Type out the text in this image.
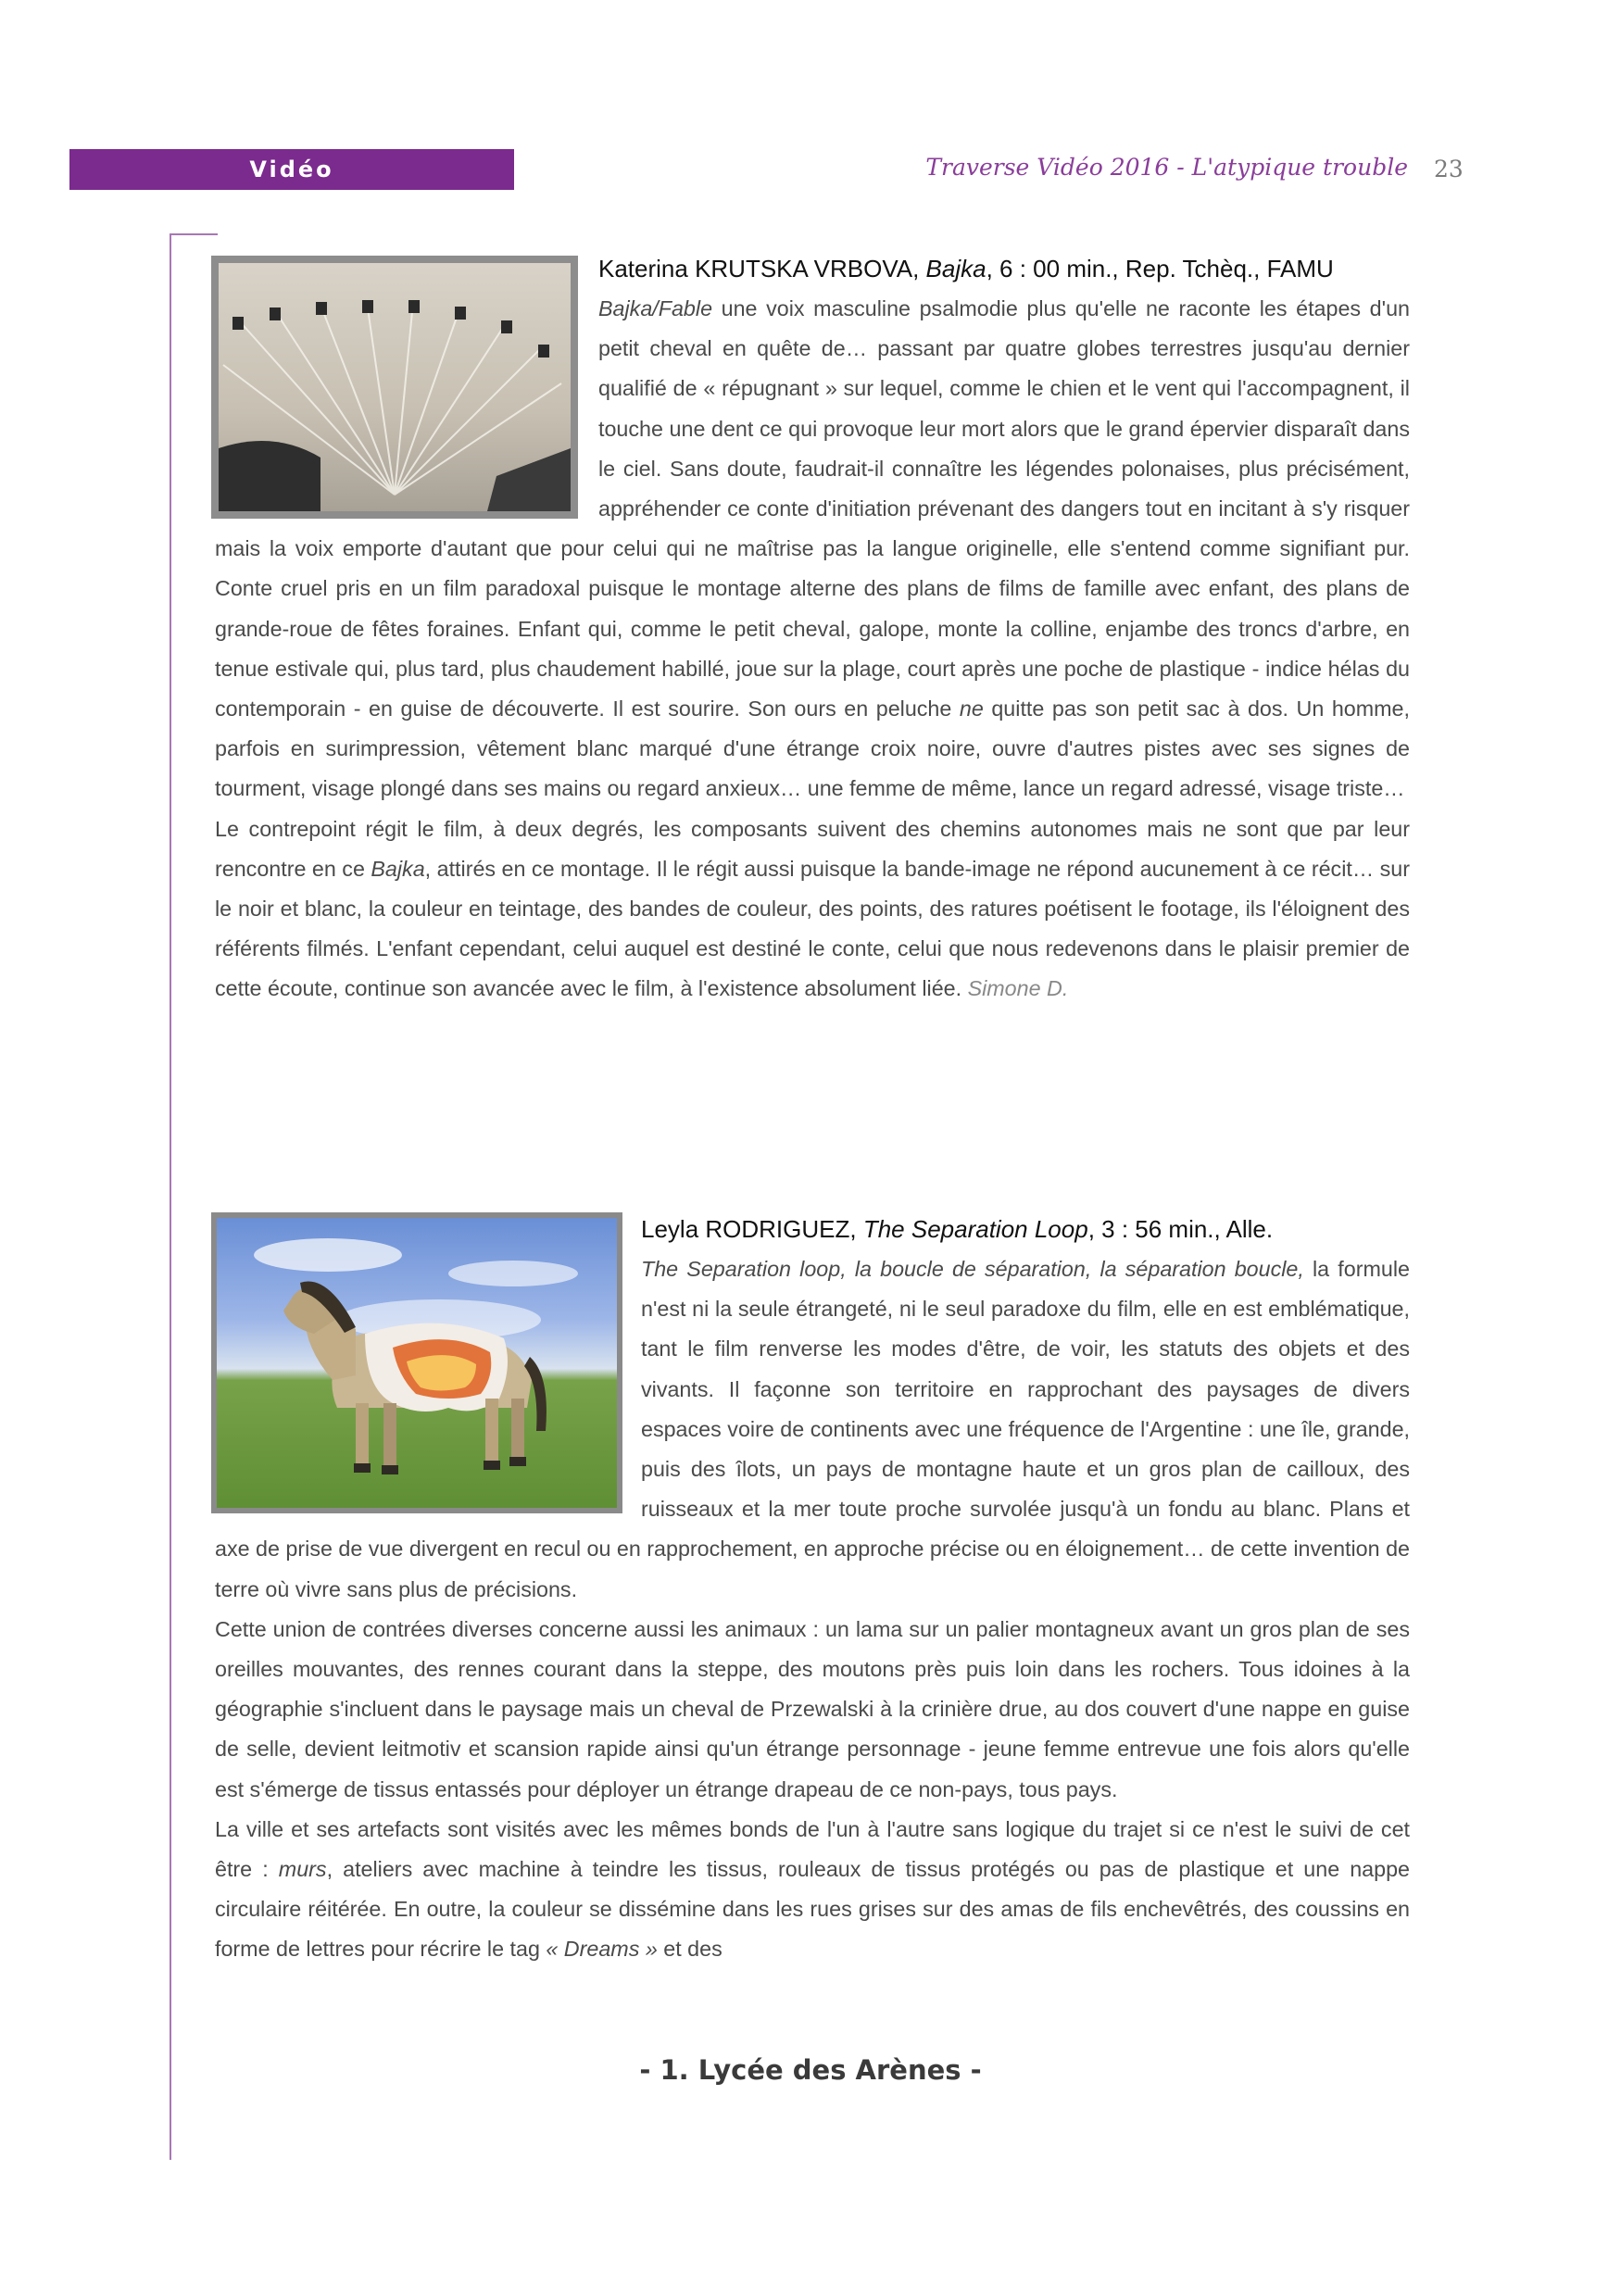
Vidéo	Traverse Vidéo 2016 - L'atypique trouble 23
Katerina KRUTSKA VRBOVA, Bajka, 6 : 00 min., Rep. Tchèq., FAMU

Bajka/Fable une voix masculine psalmodie plus qu'elle ne raconte les étapes d'un petit cheval en quête de… passant par quatre globes terrestres jusqu'au dernier qualifié de « répugnant » sur lequel, comme le chien et le vent qui l'accompagnent, il touche une dent ce qui provoque leur mort alors que le grand épervier disparaît dans le ciel. Sans doute, faudrait-il connaître les légendes polonaises, plus précisément, appréhender ce conte d'initiation prévenant des dangers tout en incitant à s'y risquer mais la voix emporte d'autant que pour celui qui ne maîtrise pas la langue originelle, elle s'entend comme signifiant pur. Conte cruel pris en un film paradoxal puisque le montage alterne des plans de films de famille avec enfant, des plans de grande-roue de fêtes foraines. Enfant qui, comme le petit cheval, galope, monte la colline, enjambe des troncs d'arbre, en tenue estivale qui, plus tard, plus chaudement habillé, joue sur la plage, court après une poche de plastique - indice hélas du contemporain - en guise de découverte. Il est sourire. Son ours en peluche ne quitte pas son petit sac à dos. Un homme, parfois en surimpression, vêtement blanc marqué d'une étrange croix noire, ouvre d'autres pistes avec ses signes de tourment, visage plongé dans ses mains ou regard anxieux… une femme de même, lance un regard adressé, visage triste…

Le contrepoint régit le film, à deux degrés, les composants suivent des chemins autonomes mais ne sont que par leur rencontre en ce Bajka, attirés en ce montage. Il le régit aussi puisque la bande-image ne répond aucunement à ce récit… sur le noir et blanc, la couleur en teintage, des bandes de couleur, des points, des ratures poétisent le footage, ils l'éloignent des référents filmés. L'enfant cependant, celui auquel est destiné le conte, celui que nous redevenons dans le plaisir premier de cette écoute, continue son avancée avec le film, à l'existence absolument liée. Simone D.

Leyla RODRIGUEZ, The Separation Loop, 3 : 56 min., Alle.

The Separation loop, la boucle de séparation, la séparation boucle, la formule n'est ni la seule étrangeté, ni le seul paradoxe du film, elle en est emblématique, tant le film renverse les modes d'être, de voir, les statuts des objets et des vivants. Il façonne son territoire en rapprochant des paysages de divers espaces voire de continents avec une fréquence de l'Argentine : une île, grande, puis des îlots, un pays de montagne haute et un gros plan de cailloux, des ruisseaux et la mer toute proche survolée jusqu'à un fondu au blanc. Plans et axe de prise de vue divergent en recul ou en rapprochement, en approche précise ou en éloignement… de cette invention de terre où vivre sans plus de précisions.

Cette union de contrées diverses concerne aussi les animaux : un lama sur un palier montagneux avant un gros plan de ses oreilles mouvantes, des rennes courant dans la steppe, des moutons près puis loin dans les rochers. Tous idoines à la géographie s'incluent dans le paysage mais un cheval de Przewalski à la crinière drue, au dos couvert d'une nappe en guise de selle, devient leitmotiv et scansion rapide ainsi qu'un étrange personnage - jeune femme entrevue une fois alors qu'elle est s'émerge de tissus entassés pour déployer un étrange drapeau de ce non-pays, tous pays.

La ville et ses artefacts sont visités avec les mêmes bonds de l'un à l'autre sans logique du trajet si ce n'est le suivi de cet être : murs, ateliers avec machine à teindre les tissus, rouleaux de tissus protégés ou pas de plastique et une nappe circulaire réitérée. En outre, la couleur se dissémine dans les rues grises sur des amas de fils enchevêtrés, des coussins en forme de lettres pour récrire le tag « Dreams » et des

- 1. Lycée des Arènes -
